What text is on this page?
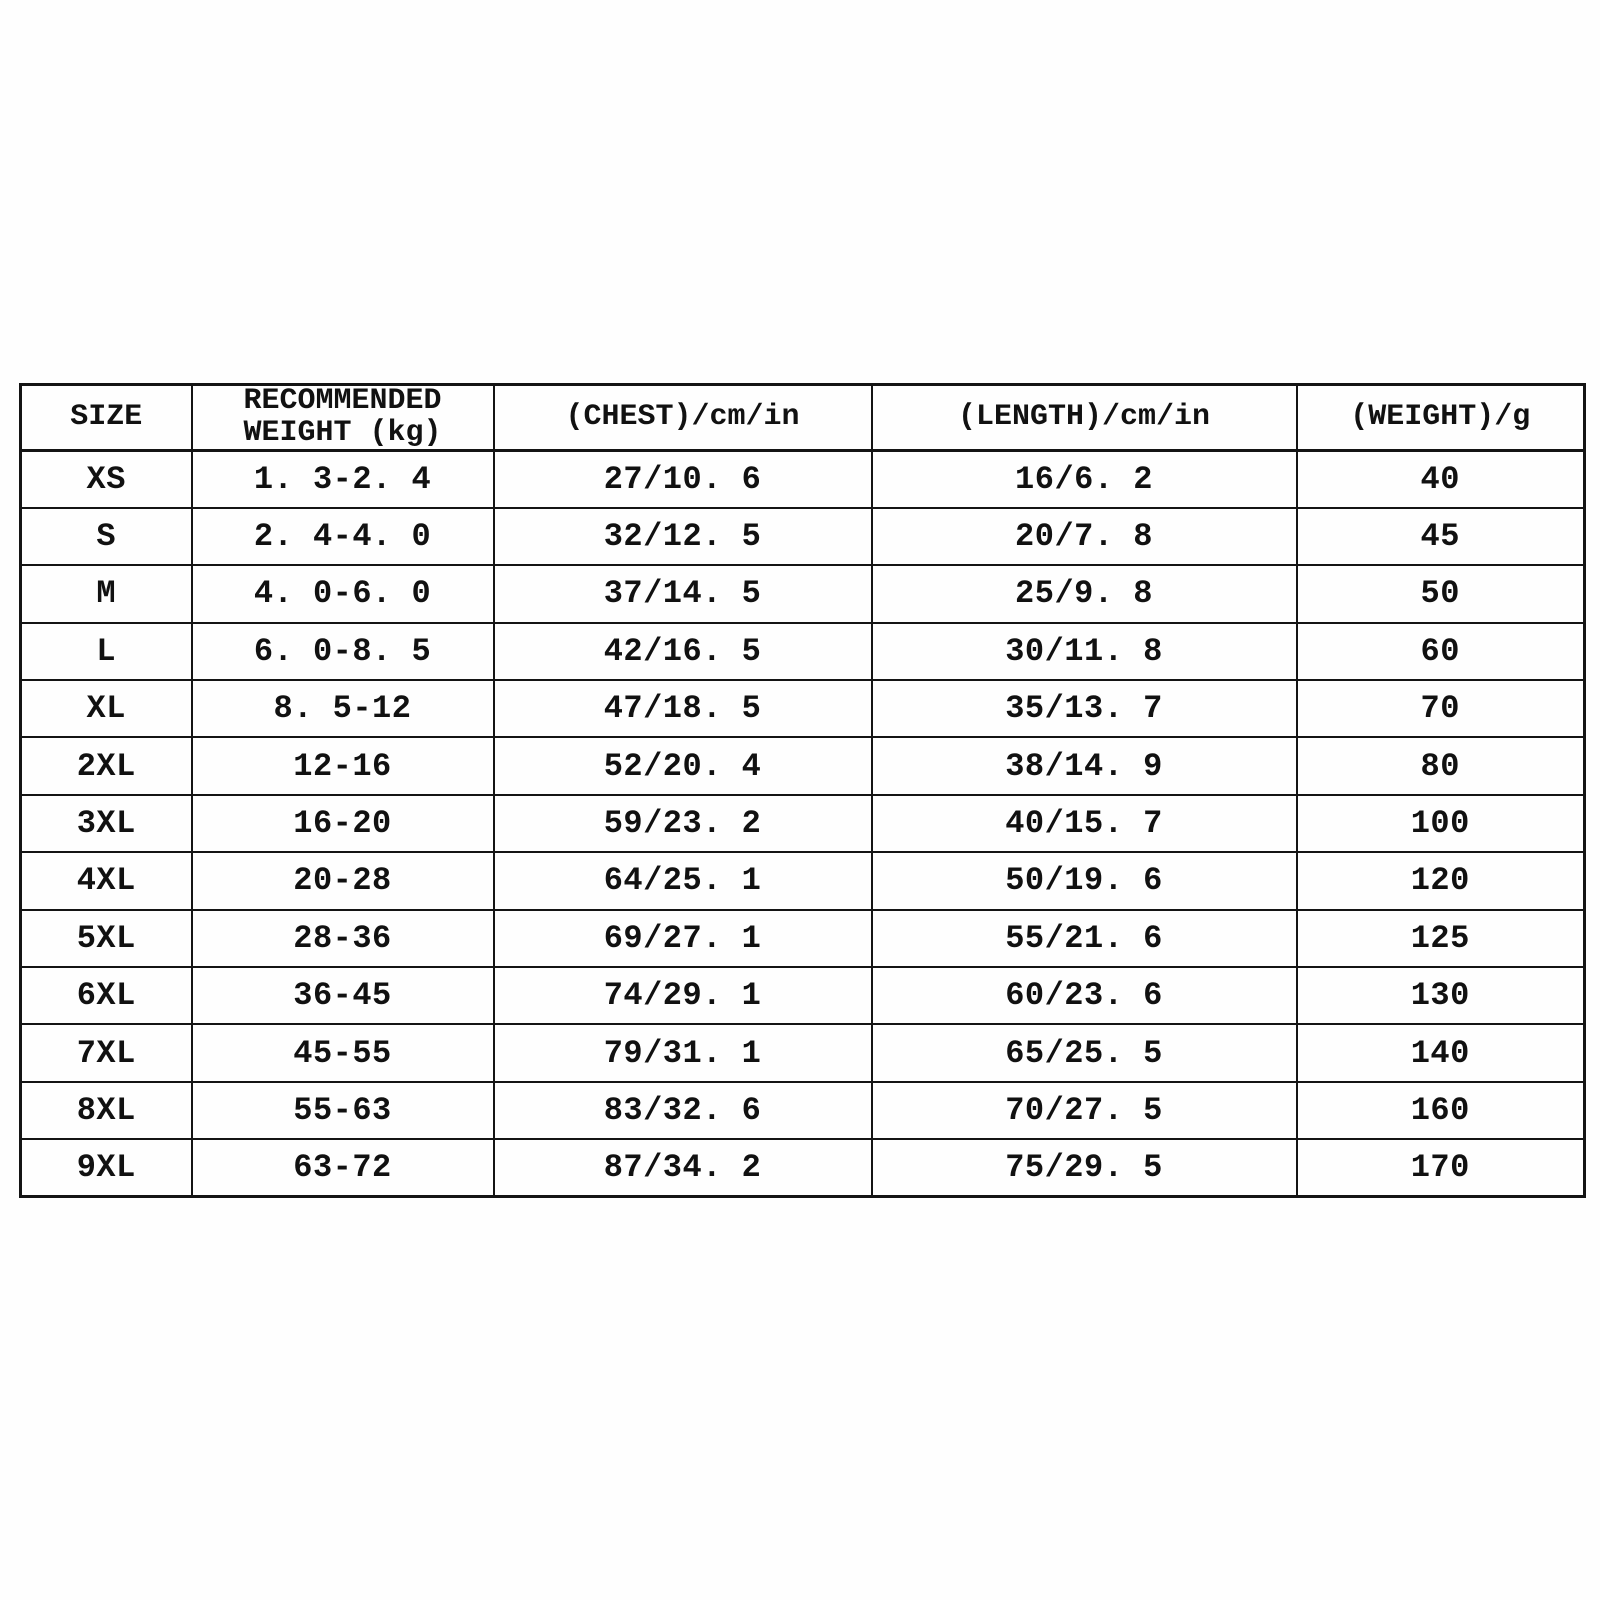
SIZE	RECOMMENDED WEIGHT (kg)	(CHEST)/cm/in	(LENGTH)/cm/in	(WEIGHT)/g
XS	1. 3-2. 4	27/10. 6	16/6. 2	40
S	2. 4-4. 0	32/12. 5	20/7. 8	45
M	4. 0-6. 0	37/14. 5	25/9. 8	50
L	6. 0-8. 5	42/16. 5	30/11. 8	60
XL	8. 5-12	47/18. 5	35/13. 7	70
2XL	12-16	52/20. 4	38/14. 9	80
3XL	16-20	59/23. 2	40/15. 7	100
4XL	20-28	64/25. 1	50/19. 6	120
5XL	28-36	69/27. 1	55/21. 6	125
6XL	36-45	74/29. 1	60/23. 6	130
7XL	45-55	79/31. 1	65/25. 5	140
8XL	55-63	83/32. 6	70/27. 5	160
9XL	63-72	87/34. 2	75/29. 5	170
